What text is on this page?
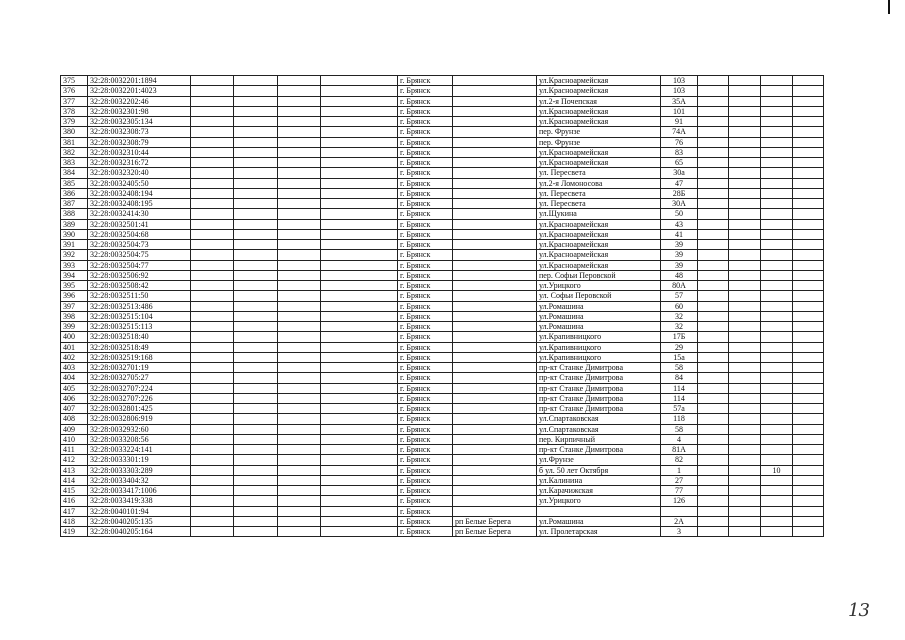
375	32:28:0032201:1894					г. Брянск		ул.Красноармейская	103				
376	32:28:0032201:4023					г. Брянск		ул.Красноармейская	103				
377	32:28:0032202:46					г. Брянск		ул.2-я Почепская	35А				
378	32:28:0032301:98					г. Брянск		ул.Красноармейская	101				
379	32:28:0032305:134					г. Брянск		ул.Красноармейская	91				
380	32:28:0032308:73					г. Брянск		пер. Фрунзе	74А				
381	32:28:0032308:79					г. Брянск		пер. Фрунзе	76				
382	32:28:0032310:44					г. Брянск		ул.Красноармейская	83				
383	32:28:0032316:72					г. Брянск		ул.Красноармейская	65				
384	32:28:0032320:40					г. Брянск		ул. Пересвета	30а				
385	32:28:0032405:50					г. Брянск		ул.2-я Ломоносова	47				
386	32:28:0032408:194					г. Брянск		ул. Пересвета	28Б				
387	32:28:0032408:195					г. Брянск		ул. Пересвета	30А				
388	32:28:0032414:30					г. Брянск		ул.Щукина	50				
389	32:28:0032501:41					г. Брянск		ул.Красноармейская	43				
390	32:28:0032504:68					г. Брянск		ул.Красноармейская	41				
391	32:28:0032504:73					г. Брянск		ул.Красноармейская	39				
392	32:28:0032504:75					г. Брянск		ул.Красноармейская	39				
393	32:28:0032504:77					г. Брянск		ул.Красноармейская	39				
394	32:28:0032506:92					г. Брянск		пер. Софьи Перовской	48				
395	32:28:0032508:42					г. Брянск		ул.Урицкого	80А				
396	32:28:0032511:50					г. Брянск		ул. Софьи Перовской	57				
397	32:28:0032513:486					г. Брянск		ул.Ромашина	60				
398	32:28:0032515:104					г. Брянск		ул.Ромашина	32				
399	32:28:0032515:113					г. Брянск		ул.Ромашина	32				
400	32:28:0032518:40					г. Брянск		ул.Крапивницкого	17Б				
401	32:28:0032518:49					г. Брянск		ул.Крапивницкого	29				
402	32:28:0032519:168					г. Брянск		ул.Крапивницкого	15а				
403	32:28:0032701:19					г. Брянск		пр-кт Станке Димитрова	58				
404	32:28:0032705:27					г. Брянск		пр-кт Станке Димитрова	84				
405	32:28:0032707:224					г. Брянск		пр-кт Станке Димитрова	114				
406	32:28:0032707:226					г. Брянск		пр-кт Станке Димитрова	114				
407	32:28:0032801:425					г. Брянск		пр-кт Станке Димитрова	57а				
408	32:28:0032806:919					г. Брянск		ул.Спартаковская	118				
409	32:28:0032932:60					г. Брянск		ул.Спартаковская	58				
410	32:28:0033208:56					г. Брянск		пер. Кирпичный	4				
411	32:28:0033224:141					г. Брянск		пр-кт Станке Димитрова	81А				
412	32:28:0033301:19					г. Брянск		ул.Фрунзе	82				
413	32:28:0033303:289					г. Брянск		б ул. 50 лет Октября	1			10	
414	32:28:0033404:32					г. Брянск		ул.Калинина	27				
415	32:28:0033417:1006					г. Брянск		ул.Карачижская	77				
416	32:28:0033419:338					г. Брянск		ул.Урицкого	126				
417	32:28:0040101:94					г. Брянск							
418	32:28:0040205:135					г. Брянск	рп Белые Берега	ул.Ромашина	2А				
419	32:28:0040205:164					г. Брянск	рп Белые Берега	ул. Пролетарская	3				
13
